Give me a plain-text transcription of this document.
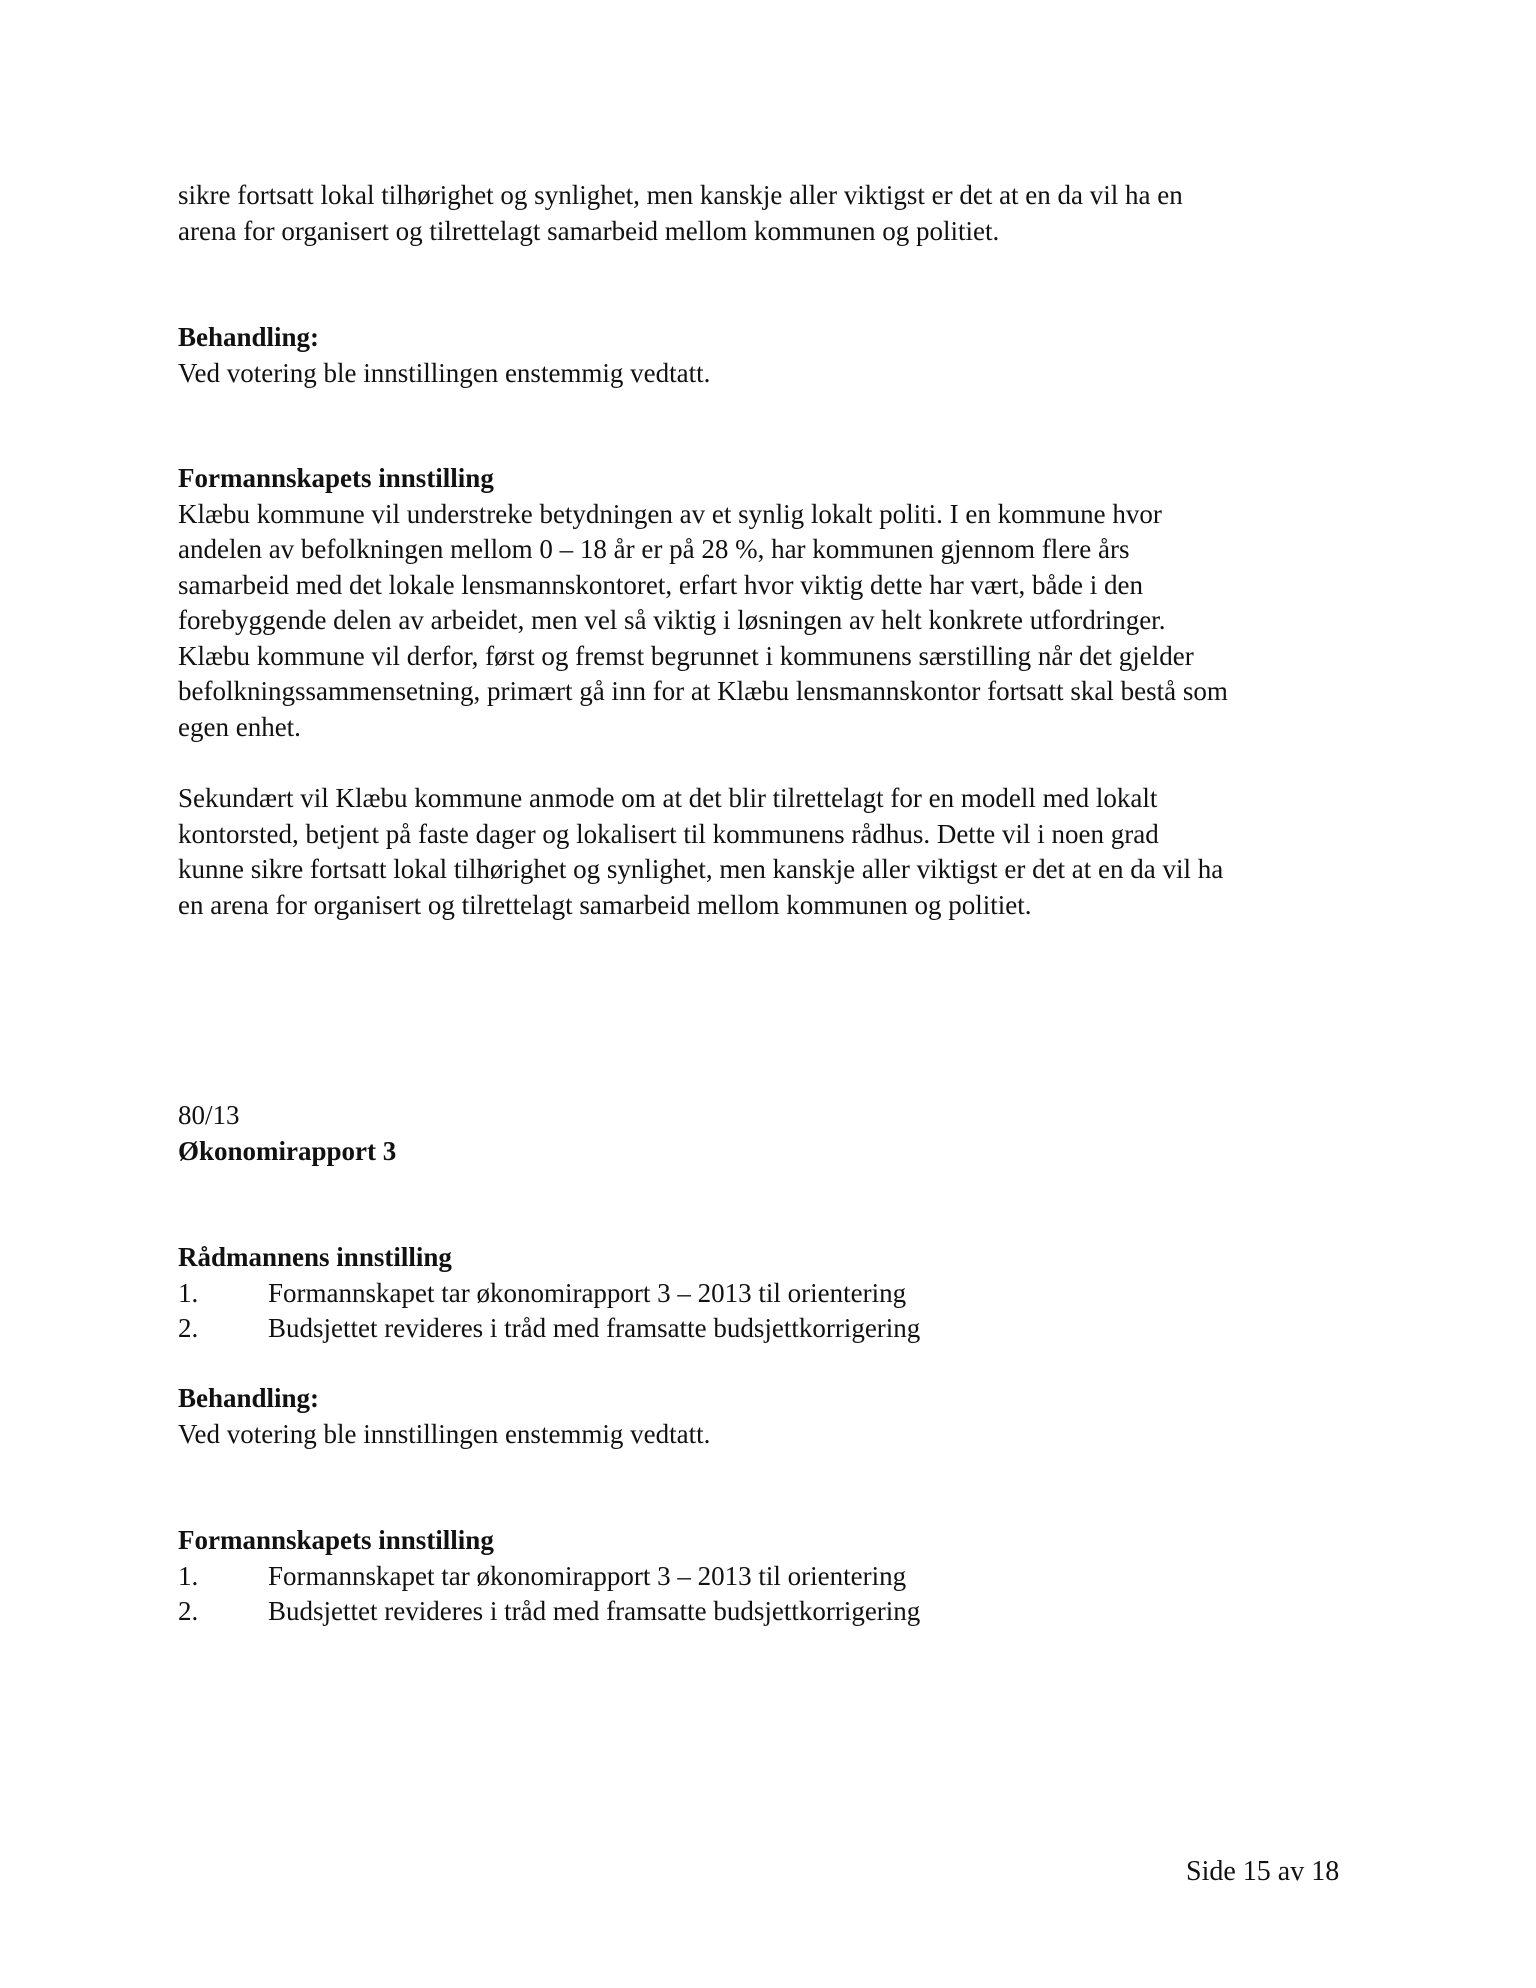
sikre fortsatt lokal tilhørighet og synlighet, men kanskje aller viktigst er det at en da vil ha en

arena for organisert og tilrettelagt samarbeid mellom kommunen og politiet.

Behandling:

Ved votering ble innstillingen enstemmig vedtatt.

Formannskapets innstilling

Klæbu kommune vil understreke betydningen av et synlig lokalt politi. I en kommune hvor

andelen av befolkningen mellom 0 – 18 år er på 28 %, har kommunen gjennom flere års

samarbeid med det lokale lensmannskontoret, erfart hvor viktig dette har vært, både i den

forebyggende delen av arbeidet, men vel så viktig i løsningen av helt konkrete utfordringer.

Klæbu kommune vil derfor, først og fremst begrunnet i kommunens særstilling når det gjelder

befolkningssammensetning, primært gå inn for at Klæbu lensmannskontor fortsatt skal bestå som

egen enhet.

Sekundært vil Klæbu kommune anmode om at det blir tilrettelagt for en modell med lokalt

kontorsted, betjent på faste dager og lokalisert til kommunens rådhus. Dette vil i noen grad

kunne sikre fortsatt lokal tilhørighet og synlighet, men kanskje aller viktigst er det at en da vil ha

en arena for organisert og tilrettelagt samarbeid mellom kommunen og politiet.

80/13

Økonomirapport 3

Rådmannens innstilling

1.	Formannskapet tar økonomirapport 3 – 2013 til orientering
2.	Budsjettet revideres i tråd med framsatte budsjettkorrigering

Behandling:

Ved votering ble innstillingen enstemmig vedtatt.

Formannskapets innstilling

1.	Formannskapet tar økonomirapport 3 – 2013 til orientering
2.	Budsjettet revideres i tråd med framsatte budsjettkorrigering
Side 15 av 18
